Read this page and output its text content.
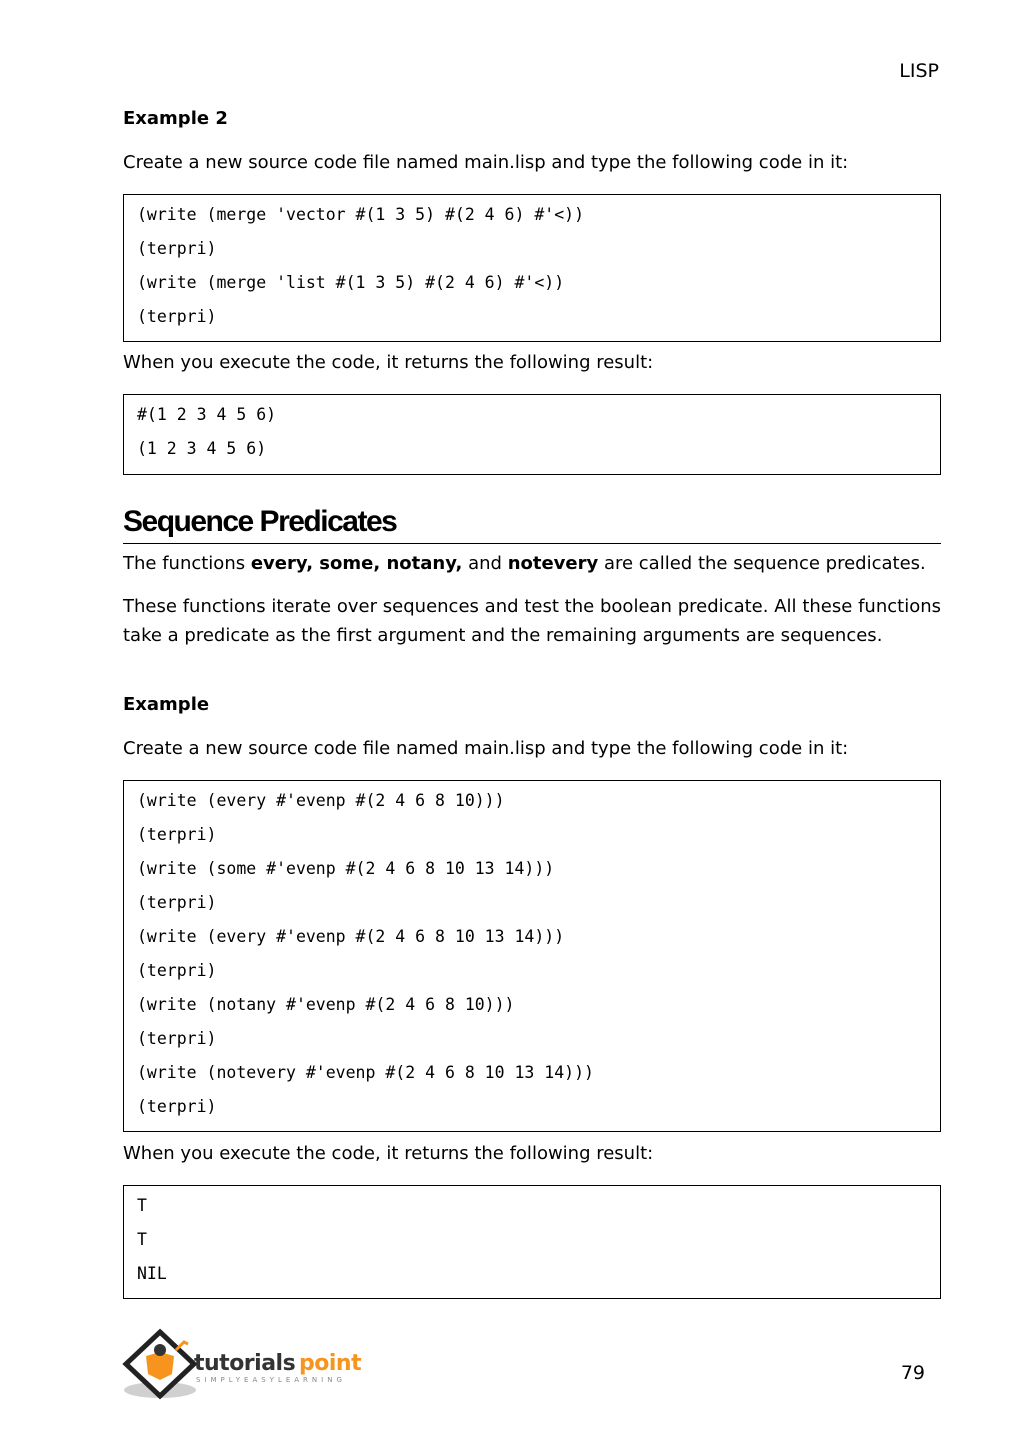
LISP
Example 2

Create a new source code file named main.lisp and type the following code in it:

(write (merge 'vector #(1 3 5) #(2 4 6) #'<))
(terpri)
(write (merge 'list #(1 3 5) #(2 4 6) #'<))
(terpri)

When you execute the code, it returns the following result:

#(1 2 3 4 5 6)
(1 2 3 4 5 6)
Sequence Predicates

The functions every, some, notany, and notevery are called the sequence predicates.

These functions iterate over sequences and test the boolean predicate. All these functions take a predicate as the first argument and the remaining arguments are sequences.

Example

Create a new source code file named main.lisp and type the following code in it:

(write (every #'evenp #(2 4 6 8 10)))
(terpri)
(write (some #'evenp #(2 4 6 8 10 13 14)))
(terpri)
(write (every #'evenp #(2 4 6 8 10 13 14)))
(terpri)
(write (notany #'evenp #(2 4 6 8 10)))
(terpri)
(write (notevery #'evenp #(2 4 6 8 10 13 14)))
(terpri)

When you execute the code, it returns the following result:

T
T
NIL
tutorials point
SIMPLYEASYLEARNING	79
